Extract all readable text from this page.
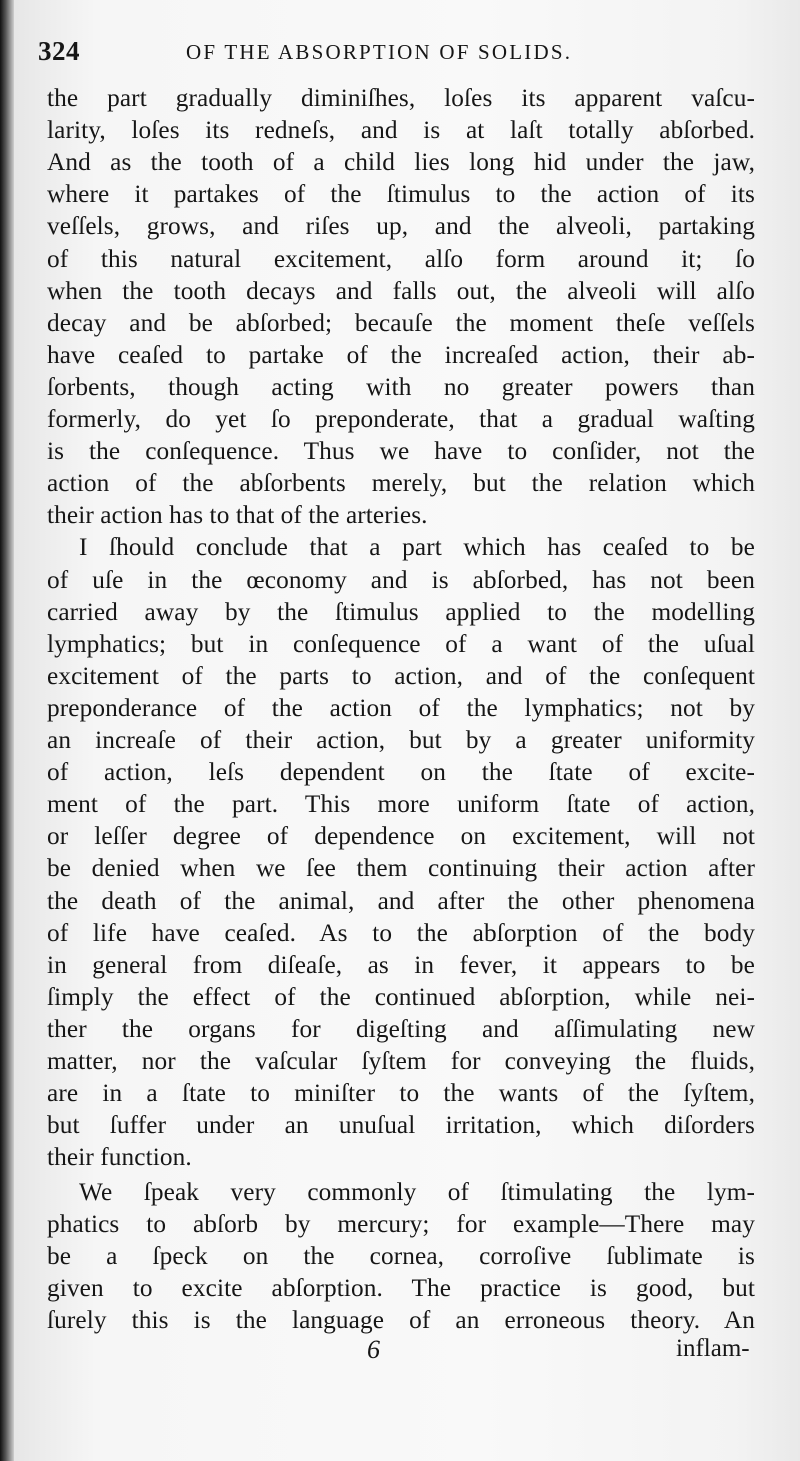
324	OF THE ABSORPTION OF SOLIDS.
the part gradually diminiſhes, loſes its apparent vaſcu-
larity, loſes its redneſs, and is at laſt totally abſorbed.
And as the tooth of a child lies long hid under the jaw,
where it partakes of the ſtimulus to the action of its
veſſels, grows, and riſes up, and the alveoli, partaking
of this natural excitement, alſo form around it; ſo
when the tooth decays and falls out, the alveoli will alſo
decay and be abſorbed; becauſe the moment theſe veſſels
have ceaſed to partake of the increaſed action, their ab-
ſorbents, though acting with no greater powers than
formerly, do yet ſo preponderate, that a gradual waſting
is the conſequence. Thus we have to conſider, not the
action of the abſorbents merely, but the relation which
their action has to that of the arteries.
I ſhould conclude that a part which has ceaſed to be
of uſe in the œconomy and is abſorbed, has not been
carried away by the ſtimulus applied to the modelling
lymphatics; but in conſequence of a want of the uſual
excitement of the parts to action, and of the conſequent
preponderance of the action of the lymphatics; not by
an increaſe of their action, but by a greater uniformity
of action, leſs dependent on the ſtate of excite-
ment of the part. This more uniform ſtate of action,
or leſſer degree of dependence on excitement, will not
be denied when we ſee them continuing their action after
the death of the animal, and after the other phenomena
of life have ceaſed. As to the abſorption of the body
in general from diſeaſe, as in fever, it appears to be
ſimply the effect of the continued abſorption, while nei-
ther the organs for digeſting and aſſimulating new
matter, nor the vaſcular ſyſtem for conveying the fluids,
are in a ſtate to miniſter to the wants of the ſyſtem,
but ſuffer under an unuſual irritation, which diſorders
their function.
We ſpeak very commonly of ſtimulating the lym-
phatics to abſorb by mercury; for example—There may
be a ſpeck on the cornea, corroſive ſublimate is
given to excite abſorption. The practice is good, but
ſurely this is the language of an erroneous theory. An
6	inflam-
